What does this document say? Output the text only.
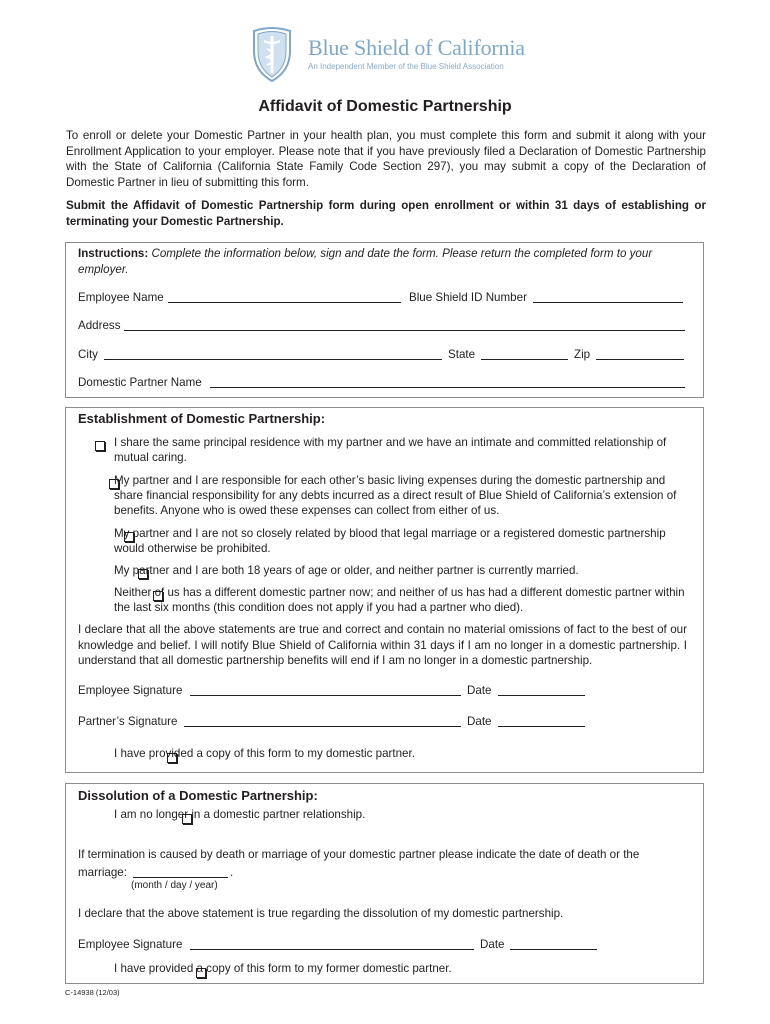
Blue Shield of California
An Independent Member of the Blue Shield Association
Affidavit of Domestic Partnership
To enroll or delete your Domestic Partner in your health plan, you must complete this form and submit it along with your Enrollment Application to your employer. Please note that if you have previously filed a Declaration of Domestic Partnership with the State of California (California State Family Code Section 297), you may submit a copy of the Declaration of Domestic Partner in lieu of submitting this form.
Submit the Affidavit of Domestic Partnership form during open enrollment or within 31 days of establishing or terminating your Domestic Partnership.
Instructions: Complete the information below, sign and date the form. Please return the completed form to your employer.
Employee Name	Blue Shield ID Number
Address
City	State	Zip
Domestic Partner Name
Establishment of Domestic Partnership:

I share the same principal residence with my partner and we have an intimate and committed relationship of mutual caring.

My partner and I are responsible for each other’s basic living expenses during the domestic partnership and share financial responsibility for any debts incurred as a direct result of Blue Shield of California’s extension of benefits. Anyone who is owed these expenses can collect from either of us.

My partner and I are not so closely related by blood that legal marriage or a registered domestic partnership would otherwise be prohibited.

My partner and I are both 18 years of age or older, and neither partner is currently married.

Neither of us has a different domestic partner now; and neither of us has had a different domestic partner within the last six months (this condition does not apply if you had a partner who died).
I declare that all the above statements are true and correct and contain no material omissions of fact to the best of our knowledge and belief. I will notify Blue Shield of California within 31 days if I am no longer in a domestic partnership. I understand that all domestic partnership benefits will end if I am no longer in a domestic partnership.
Employee Signature	Date
Partner’s Signature	Date

I have provided a copy of this form to my domestic partner.
Dissolution of a Domestic Partnership:

I am no longer in a domestic partner relationship.
If termination is caused by death or marriage of your domestic partner please indicate the date of death or the
marriage:	.
(month / day / year)
I declare that the above statement is true regarding the dissolution of my domestic partnership.
Employee Signature	Date
I have provided a copy of this form to my former domestic partner.
C-14938 (12/03)
